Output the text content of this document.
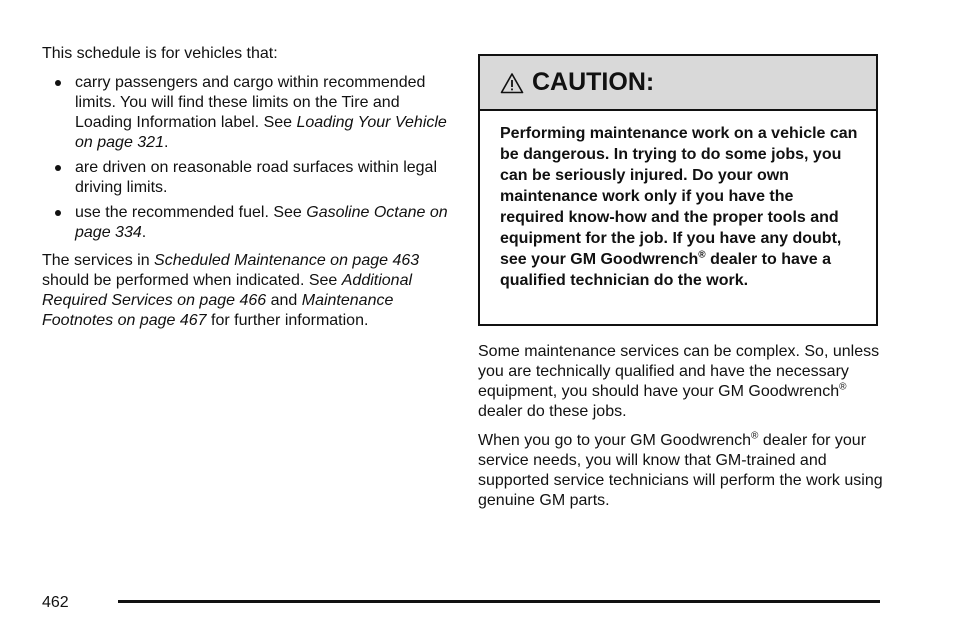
This schedule is for vehicles that:

carry passengers and cargo within recommended limits. You will find these limits on the Tire and Loading Information label. See Loading Your Vehicle on page 321.
are driven on reasonable road surfaces within legal driving limits.
use the recommended fuel. See Gasoline Octane on page 334.

The services in Scheduled Maintenance on page 463 should be performed when indicated. See Additional Required Services on page 466 and Maintenance Footnotes on page 467 for further information.

CAUTION:
Performing maintenance work on a vehicle can be dangerous. In trying to do some jobs, you can be seriously injured. Do your own maintenance work only if you have the required know-how and the proper tools and equipment for the job. If you have any doubt, see your GM Goodwrench® dealer to have a qualified technician do the work.

Some maintenance services can be complex. So, unless you are technically qualified and have the necessary equipment, you should have your GM Goodwrench® dealer do these jobs.

When you go to your GM Goodwrench® dealer for your service needs, you will know that GM-trained and supported service technicians will perform the work using genuine GM parts.

462
